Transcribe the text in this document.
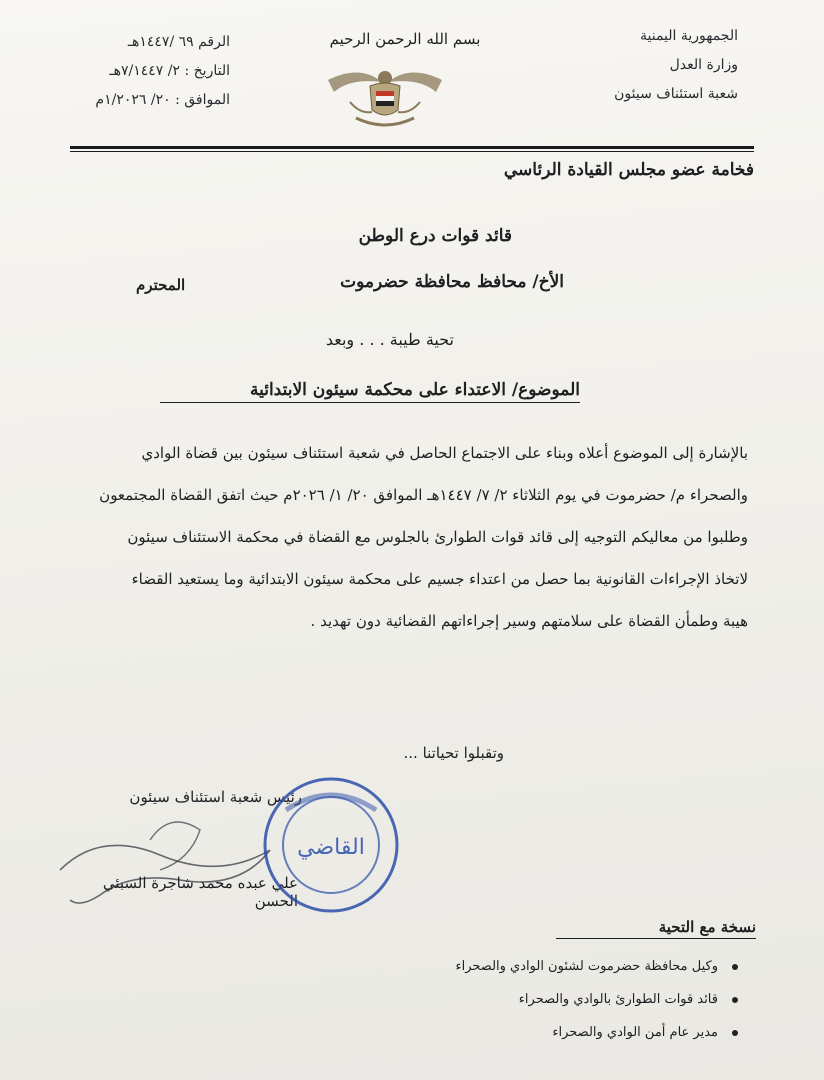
الجمهورية اليمنية
وزارة العدل
شعبة استئناف سيئون
بسم الله الرحمن الرحيم
الرقم ٦٩ /١٤٤٧هـ
التاريخ : ٢/ ٧/١٤٤٧هـ
الموافق : ٢٠/ ١/٢٠٢٦م
فخامة عضو مجلس القيادة الرئاسي
قائد قوات درع الوطن
الأخ/ محافظ محافظة حضرموت
المحترم
تحية طيبة . . . وبعد
الموضوع/ الاعتداء على محكمة سيئون الابتدائية
بالإشارة إلى الموضوع أعلاه وبناء على الاجتماع الحاصل في شعبة استئناف سيئون بين قضاة الوادي
والصحراء م/ حضرموت في يوم الثلاثاء ٢/ ٧/ ١٤٤٧هـ الموافق ٢٠/ ١/ ٢٠٢٦م حيث اتفق القضاة المجتمعون
وطلبوا من معاليكم التوجيه إلى قائد قوات الطوارئ بالجلوس مع القضاة في محكمة الاستئناف سيئون
لاتخاذ الإجراءات القانونية بما حصل من اعتداء جسيم على محكمة سيئون الابتدائية وما يستعيد القضاء
هيبة وطمأن القضاة على سلامتهم وسير إجراءاتهم القضائية دون تهديد .
وتقبلوا تحياتنا ...
رئيس شعبة استئناف سيئون
علي عبده محمد شاجرة السبئي الحسن
القاضي
نسخة مع التحية
وكيل محافظة حضرموت لشئون الوادي والصحراء
قائد قوات الطوارئ بالوادي والصحراء
مدير عام أمن الوادي والصحراء
